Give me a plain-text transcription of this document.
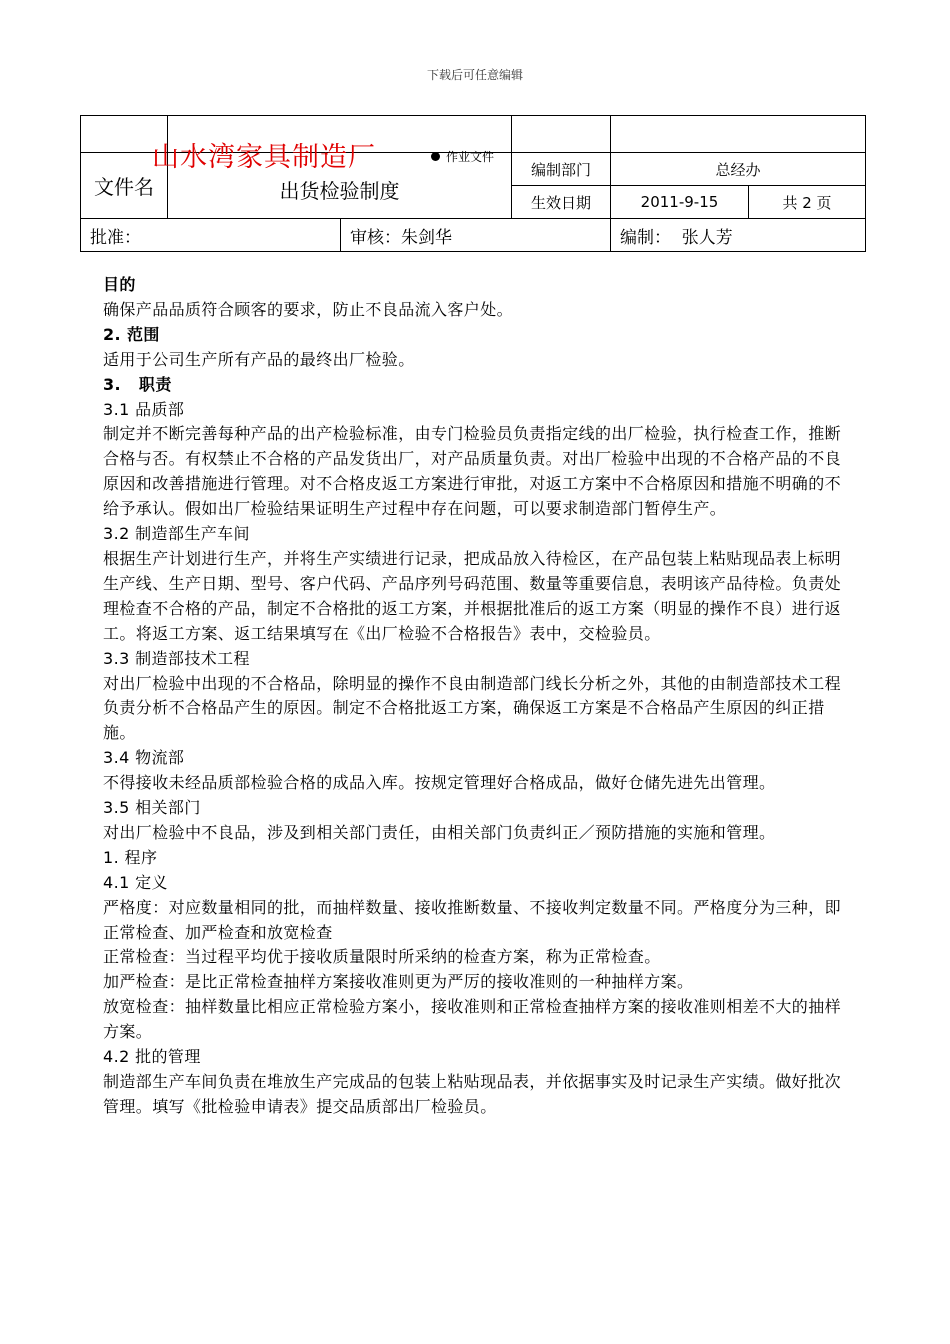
下载后可任意编辑

文件名	出货检验制度		编制部门	总经办	
			生效日期	2011-9-15	共 2 页
批准：		审核：朱剑华		编制：  张人芳	
山水湾家具制造厂	作业文件

目的

确保产品品质符合顾客的要求，防止不良品流入客户处。

2. 范围

适用于公司生产所有产品的最终出厂检验。

3.   职责

3.1 品质部

制定并不断完善每种产品的出产检验标准，由专门检验员负责指定线的出厂检验，执行检查工作，推断合格与否。有权禁止不合格的产品发货出厂，对产品质量负责。对出厂检验中出现的不合格产品的不良原因和改善措施进行管理。对不合格皮返工方案进行审批，对返工方案中不合格原因和措施不明确的不给予承认。假如出厂检验结果证明生产过程中存在问题，可以要求制造部门暂停生产。

3.2 制造部生产车间

根据生产计划进行生产，并将生产实绩进行记录，把成品放入待检区，在产品包装上粘贴现品表上标明生产线、生产日期、型号、客户代码、产品序列号码范围、数量等重要信息，表明该产品待检。负责处理检查不合格的产品，制定不合格批的返工方案，并根据批准后的返工方案（明显的操作不良）进行返工。将返工方案、返工结果填写在《出厂检验不合格报告》表中，交检验员。

3.3 制造部技术工程

对出厂检验中出现的不合格品，除明显的操作不良由制造部门线长分析之外，其他的由制造部技术工程负责分析不合格品产生的原因。制定不合格批返工方案，确保返工方案是不合格品产生原因的纠正措施。

3.4 物流部

不得接收未经品质部检验合格的成品入库。按规定管理好合格成品，做好仓储先进先出管理。

3.5 相关部门

对出厂检验中不良品，涉及到相关部门责任，由相关部门负责纠正／预防措施的实施和管理。

1. 程序

4.1 定义

严格度：对应数量相同的批，而抽样数量、接收推断数量、不接收判定数量不同。严格度分为三种，即正常检查、加严检查和放宽检查

正常检查：当过程平均优于接收质量限时所采纳的检查方案，称为正常检查。

加严检查：是比正常检查抽样方案接收准则更为严厉的接收准则的一种抽样方案。

放宽检查：抽样数量比相应正常检验方案小，接收准则和正常检查抽样方案的接收准则相差不大的抽样方案。

4.2 批的管理

制造部生产车间负责在堆放生产完成品的包装上粘贴现品表，并依据事实及时记录生产实绩。做好批次管理。填写《批检验申请表》提交品质部出厂检验员。
